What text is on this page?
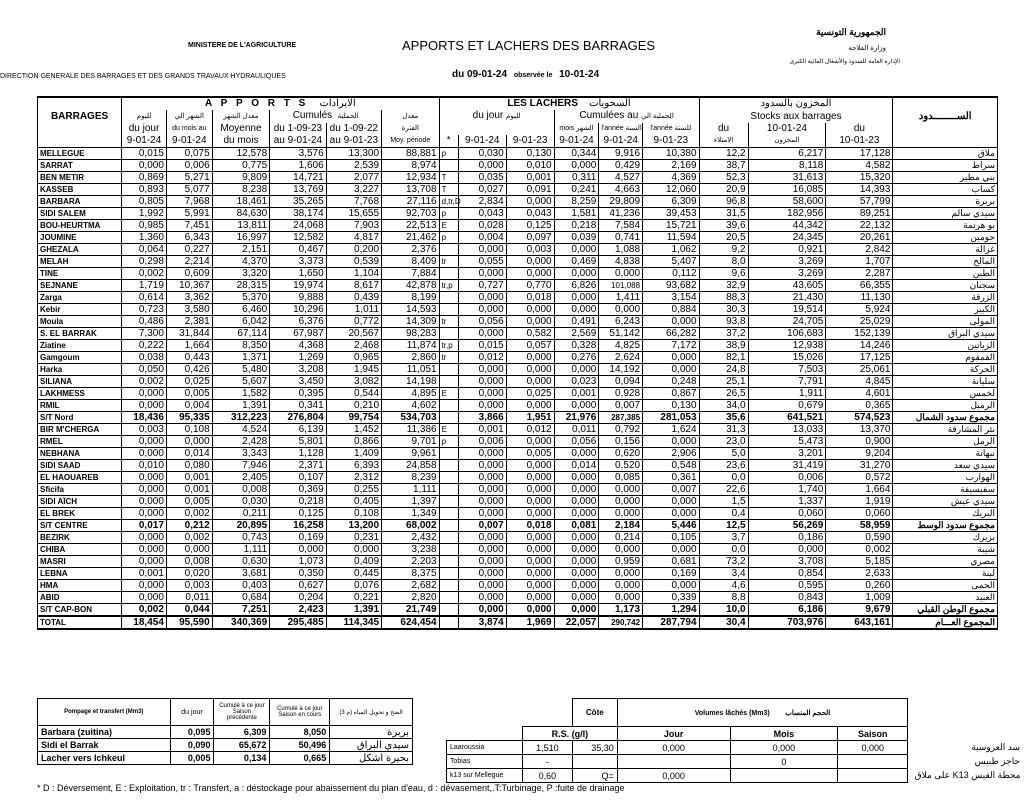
MINISTERE DE L'AGRICULTURE	APPORTS ET LACHERS DES BARRAGES
DIRECTION GENERALE DES BARRAGES ET DES GRANDS TRAVAUX HYDRAULIQUES	du 09-01-24 observée le 10-01-24
الجمهورية التونسية
وزارة الفلاحة
الإدارة العامة للسدود والأشغال المائية الكبرى
	A P P O R T S الايرادات						LES LACHERS السحويات						المخزون بالسدود			
BARRAGES	لليوم	الشهر الي	معدل الشهر	Cumulés الجملية		معدل	du jour لليوم			Cumulées au الجملية الي			Stocks aux barrages			الســــــــدود
	du jour	du mois au	Moyenne	du 1-09-23	du 1-09-22	الفترة				mois الشهر	l'année السنة	l'année للسنة	du	10-01-24	du	
	9-01-24	9-01-24	du mois	au 9-01-24	au 9-01-23	Moy. période	*	9-01-24	9-01-23	9-01-24	9-01-24	9-01-23	الامتلاء	المخزون	10-01-23	
MELLEGUE	0,015	0,075	12,578	3,576	13,300	88,881	p	0,030	0,130	0,344	9,916	10,380	12,2	6,217	17,128	ملاق
SARRAT	0,000	0,006	0,775	1,606	2,539	8,974		0,000	0,010	0,000	0,429	2,169	38,7	8,118	4,582	سراط
BEN METIR	0,869	5,271	9,809	14,721	2,077	12,934	T	0,035	0,001	0,311	4,527	4,369	52,3	31,613	15,320	بني مطير
KASSEB	0,893	5,077	8,238	13,769	3,227	13,708	T	0,027	0,091	0,241	4,663	12,060	20,9	16,085	14,393	كساب
BARBARA	0,805	7,968	18,461	35,265	7,768	27,116	d,tr,D	2,834	0,000	8,259	29,809	6,309	96,8	58,600	57,799	بربرة
SIDI SALEM	1,992	5,991	84,630	38,174	15,655	92,703	p	0,043	0,043	1,581	41,236	39,453	31,5	182,956	89,251	سيدي سالم
BOU-HEURTMA	0,985	7,451	13,811	24,068	7,903	22,513	E	0,028	0,125	0,218	7,584	15,721	39,6	44,342	22,132	بو هرتمة
JOUMINE	1,360	6,343	16,997	12,582	4,817	21,462	p	0,004	0,097	0,039	0,741	11,594	20,5	24,345	20,261	جومين
GHEZALA	0,064	0,227	2,151	0,467	0,200	2,376		0,000	0,003	0,000	1,088	1,062	9,2	0,921	2,842	غزالة
MELAH	0,298	2,214	4,370	3,373	0,539	8,409	tr	0,055	0,000	0,469	4,838	5,407	8,0	3,269	1,707	المالح
TINE	0,002	0,609	3,320	1,650	1,104	7,884		0,000	0,000	0,000	0,000	0,112	9,6	3,269	2,287	الطين
SEJNANE	1,719	10,367	28,315	19,974	8,617	42,878	tr,p	0,727	0,770	6,826	101,088	93,682	32,9	43,605	66,355	سجنان
Zarga	0,614	3,362	5,370	9,888	0,439	8,199		0,000	0,018	0,000	1,411	3,154	88,3	21,430	11,130	الزرقة
Kebir	0,723	3,580	6,460	10,296	1,011	14,593		0,000	0,000	0,000	0,000	0,884	30,3	19,514	5,924	الكبير
Moula	0,486	2,381	6,042	6,376	0,772	14,309	tr	0,056	0,000	0,491	6,243	0,000	93,8	24,705	25,029	المولى
S. EL BARRAK	7,300	31,844	67,114	67,987	20,567	98,283		0,000	0,582	2,569	51,142	66,282	37,2	106,683	152,139	سيدي البراق
Ziatine	0,222	1,664	8,350	4,368	2,468	11,874	tr,p	0,015	0,057	0,328	4,825	7,172	38,9	12,938	14,246	الزياتين
Gamgoum	0,038	0,443	1,371	1,269	0,965	2,860	tr	0,012	0,000	0,276	2,624	0,000	82,1	15,026	17,125	القمقوم
Harka	0,050	0,426	5,480	3,208	1,945	11,051		0,000	0,000	0,000	14,192	0,000	24,8	7,503	25,061	الحركة
SILIANA	0,002	0,025	5,607	3,450	3,082	14,198		0,000	0,000	0,023	0,094	0,248	25,1	7,791	4,845	سليانة
LAKHMESS	0,000	0,005	1,582	0,395	0,544	4,895	E	0,000	0,025	0,001	0,928	0,867	26,5	1,911	4,601	لخمس
RMIL	0,000	0,004	1,391	0,341	0,210	4,602		0,000	0,000	0,000	0,007	0,130	34,0	0,679	0,365	الرميل
S/T Nord	18,436	95,335	312,223	276,804	99,754	534,703		3,866	1,951	21,976	287,385	281,053	35,6	641,521	574,523	مجموع سدود الشمال
BIR M'CHERGA	0,003	0,108	4,524	6,139	1,452	11,386	E	0,001	0,012	0,011	0,792	1,624	31,3	13,033	13,370	بئر المشارقة
RMEL	0,000	0,000	2,428	5,801	0,866	9,701	p	0,006	0,000	0,056	0,156	0,000	23,0	5,473	0,900	الرمل
NEBHANA	0,000	0,014	3,343	1,128	1,409	9,961		0,000	0,005	0,000	0,620	2,906	5,0	3,201	9,204	نبهانة
SIDI SAAD	0,010	0,080	7,946	2,371	6,393	24,858		0,000	0,000	0,014	0,520	0,548	23,6	31,419	31,270	سيدي سعد
EL HAOUAREB	0,000	0,001	2,405	0,107	2,312	8,239		0,000	0,000	0,000	0,085	0,361	0,0	0,006	0,572	الهوارب
Sficifa	0,000	0,001	0,008	0,369	0,255	1,111		0,000	0,000	0,000	0,000	0,007	22,6	1,740	1,664	سفيسيفة
SIDI AÏCH	0,000	0,005	0,030	0,218	0,405	1,397		0,000	0,000	0,000	0,000	0,000	1,5	1,337	1,919	سيدي عيش
EL BREK	0,000	0,002	0,211	0,125	0,108	1,349		0,000	0,000	0,000	0,000	0,000	0,4	0,060	0,060	البريك
S/T CENTRE	0,017	0,212	20,895	16,258	13,200	68,002		0,007	0,018	0,081	2,184	5,446	12,5	56,269	58,959	مجموع سدود الوسط
BEZIRK	0,000	0,002	0,743	0,169	0,231	2,432		0,000	0,000	0,000	0,214	0,105	3,7	0,186	0,590	بزيرك
CHIBA	0,000	0,000	1,111	0,000	0,000	3,238		0,000	0,000	0,000	0,000	0,000	0,0	0,000	0,002	شيبة
MASRI	0,000	0,008	0,630	1,073	0,409	2,203		0,000	0,000	0,000	0,959	0,681	73,2	3,708	5,185	مصري
LEBNA	0,001	0,020	3,681	0,350	0,445	8,375		0,000	0,000	0,000	0,000	0,169	3,4	0,854	2,633	لبنة
HMA	0,000	0,003	0,403	0,627	0,076	2,682		0,000	0,000	0,000	0,000	0,000	4,6	0,595	0,260	الحمى
ABID	0,000	0,011	0,684	0,204	0,221	2,820		0,000	0,000	0,000	0,000	0,339	8,8	0,843	1,009	العبيد
S/T CAP-BON	0,002	0,044	7,251	2,423	1,391	21,749		0,000	0,000	0,000	1,173	1,294	10,0	6,186	9,679	مجموع الوطن القبلي
TOTAL	18,454	95,590	340,369	295,485	114,345	624,454		3,874	1,969	22,057	290,742	287,794	30,4	703,976	643,161	المجموع العـــام
Pompage et transfert (Mm3)	du jour	Cumulé à ce jour Saison précédente	Cumulé à ce jour Saison en cours	الضخ و تحويل المياه (م 3)
Barbara (zuitina)	0,095	6,309	8,050	بربرة
Sidi el Barrak	0,090	65,672	50,496	سيدي البراق
Lacher vers Ichkeul	0,005	0,134	0,665	بحيرة اشكل
		Côte	Volumes lâchés (Mm3) الحجم المنساب			
	R.S. (g/l)		Jour	Mois	Saison	
Laaroussia	1,510	35,30	0,000	0,000	0,000	سد العروسية
Tobias	-			0		حاجز طبيس
k13 sur Mellegue	0,60	Q=	0,000			محطة القيس K13 على ملاق
* D : Déversement, E : Exploitation, tr : Transfert, a : déstockage pour abaissement du plan d'eau, d : dévasement,.T:Turbinage, P :fuite de drainage
